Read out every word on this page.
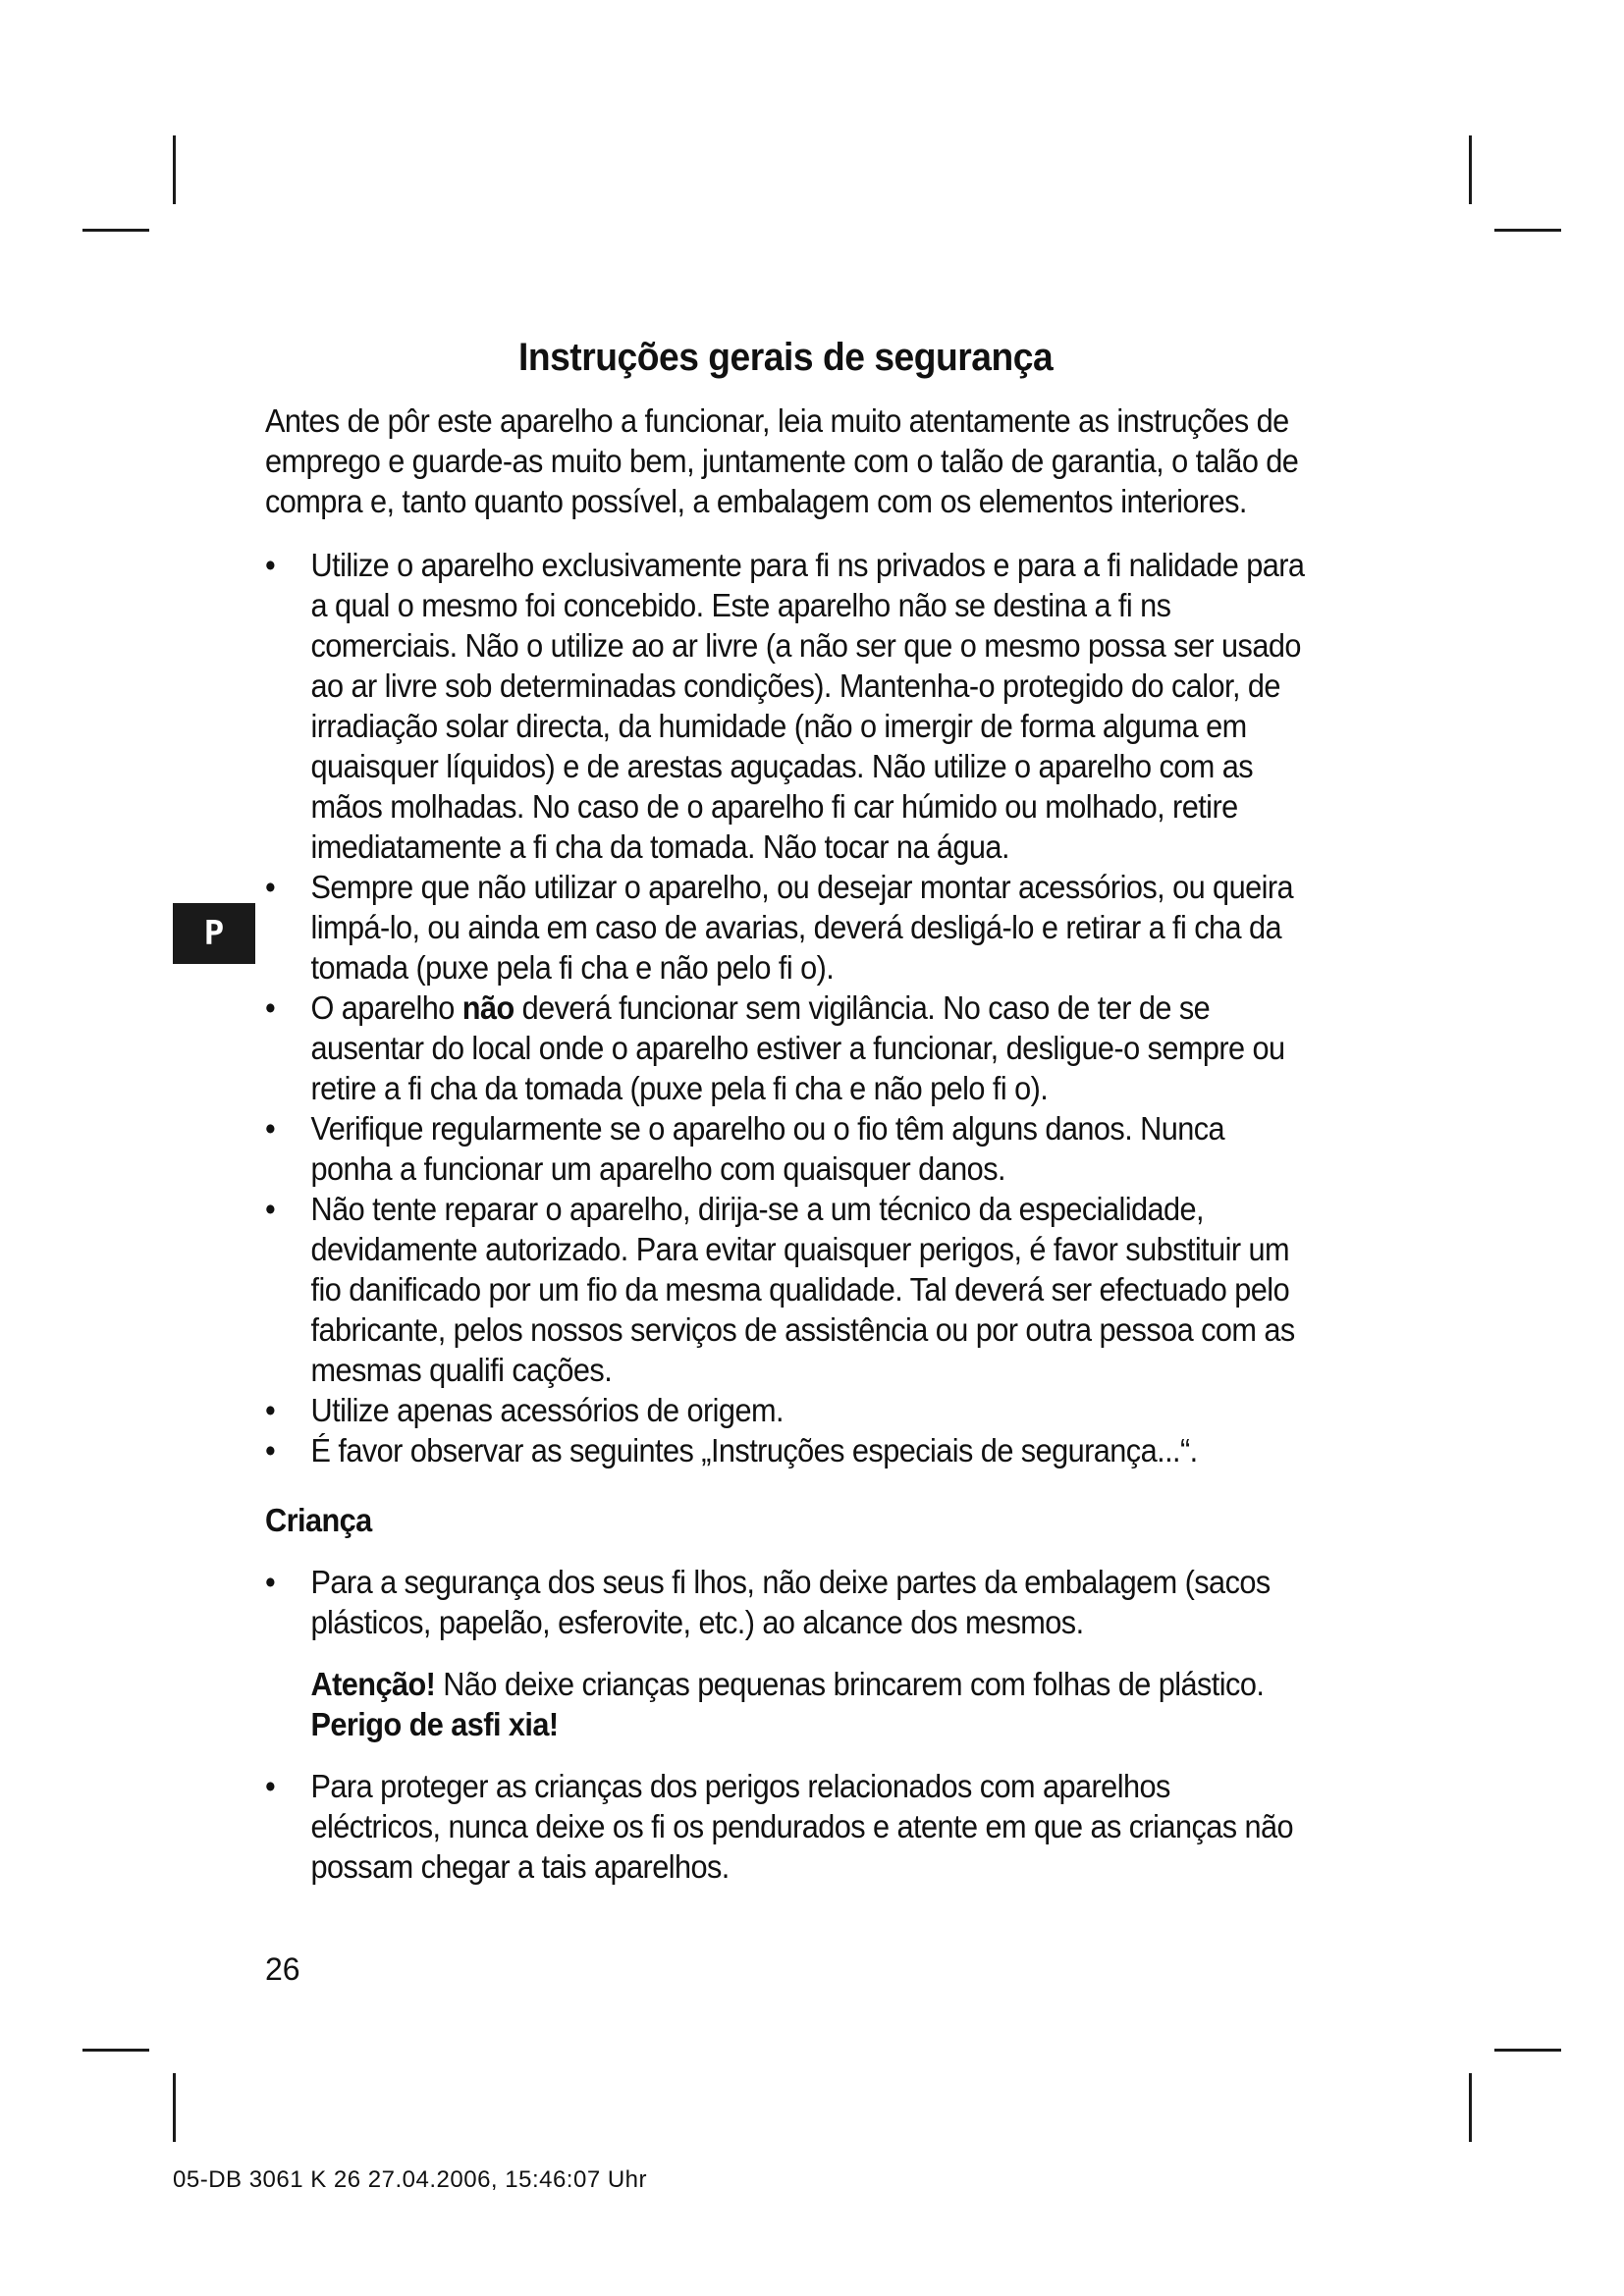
P
Instruções gerais de segurança

Antes de pôr este aparelho a funcionar, leia muito atentamente as instruções de emprego e guarde-as muito bem, juntamente com o talão de garantia, o talão de compra e, tanto quanto possível, a embalagem com os elementos interiores.

• Utilize o aparelho exclusivamente para fi ns privados e para a fi nalidade para a qual o mesmo foi concebido. Este aparelho não se destina a fi ns comerciais. Não o utilize ao ar livre (a não ser que o mesmo possa ser usado ao ar livre sob determinadas condições). Mantenha-o protegido do calor, de irradiação solar directa, da humidade (não o imergir de forma alguma em quaisquer líquidos) e de arestas aguçadas. Não utilize o aparelho com as mãos molhadas. No caso de o aparelho fi car húmido ou molhado, retire imediatamente a fi cha da tomada. Não tocar na água.
• Sempre que não utilizar o aparelho, ou desejar montar acessórios, ou queira limpá-lo, ou ainda em caso de avarias, deverá desligá-lo e retirar a fi cha da tomada (puxe pela fi cha e não pelo fi o).
• O aparelho não deverá funcionar sem vigilância. No caso de ter de se ausentar do local onde o aparelho estiver a funcionar, desligue-o sempre ou retire a fi cha da tomada (puxe pela fi cha e não pelo fi o).
• Verifique regularmente se o aparelho ou o fio têm alguns danos. Nunca ponha a funcionar um aparelho com quaisquer danos.
• Não tente reparar o aparelho, dirija-se a um técnico da especialidade, devidamente autorizado. Para evitar quaisquer perigos, é favor substituir um fio danificado por um fio da mesma qualidade. Tal deverá ser efectuado pelo fabricante, pelos nossos serviços de assistência ou por outra pessoa com as mesmas qualifi cações.
• Utilize apenas acessórios de origem.
• É favor observar as seguintes „Instruções especiais de segurança...“.
Criança
• Para a segurança dos seus fi lhos, não deixe partes da embalagem (sacos plásticos, papelão, esferovite, etc.) ao alcance dos mesmos.

Atenção! Não deixe crianças pequenas brincarem com folhas de plástico. Perigo de asfi xia!

• Para proteger as crianças dos perigos relacionados com aparelhos eléctricos, nunca deixe os fi os pendurados e atente em que as crianças não possam chegar a tais aparelhos.
26
05-DB 3061 K 26 27.04.2006, 15:46:07 Uhr
